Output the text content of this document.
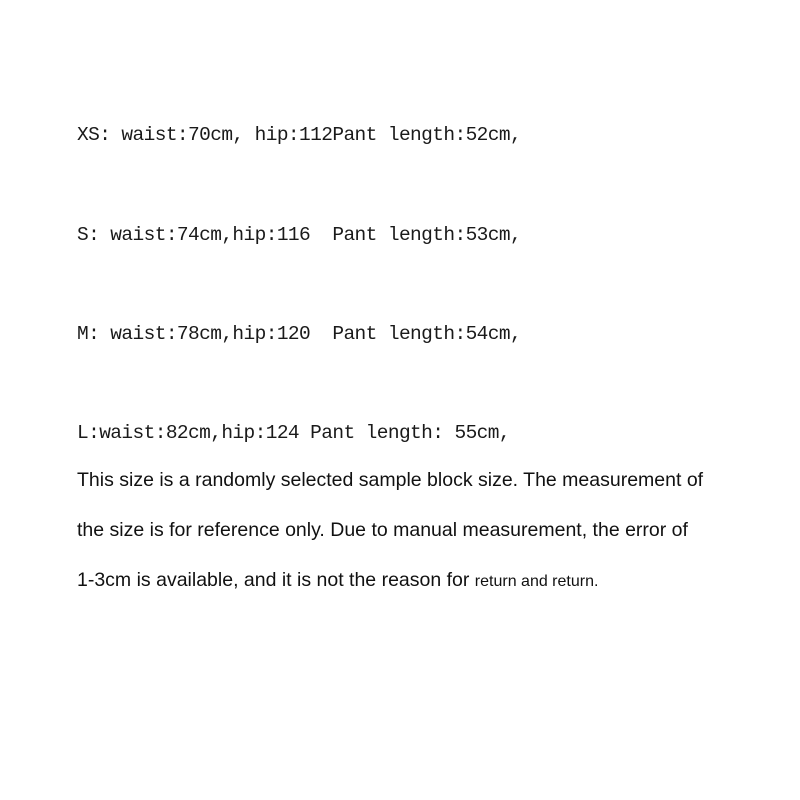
XS: waist:70cm, hip:112Pant length:52cm,
S: waist:74cm,hip:116  Pant length:53cm,
M: waist:78cm,hip:120  Pant length:54cm,
L:waist:82cm,hip:124 Pant length: 55cm,
This size is a randomly selected sample block size. The measurement of
the size is for reference only. Due to manual measurement, the error of
1-3cm is available, and it is not the reason for return and return.
